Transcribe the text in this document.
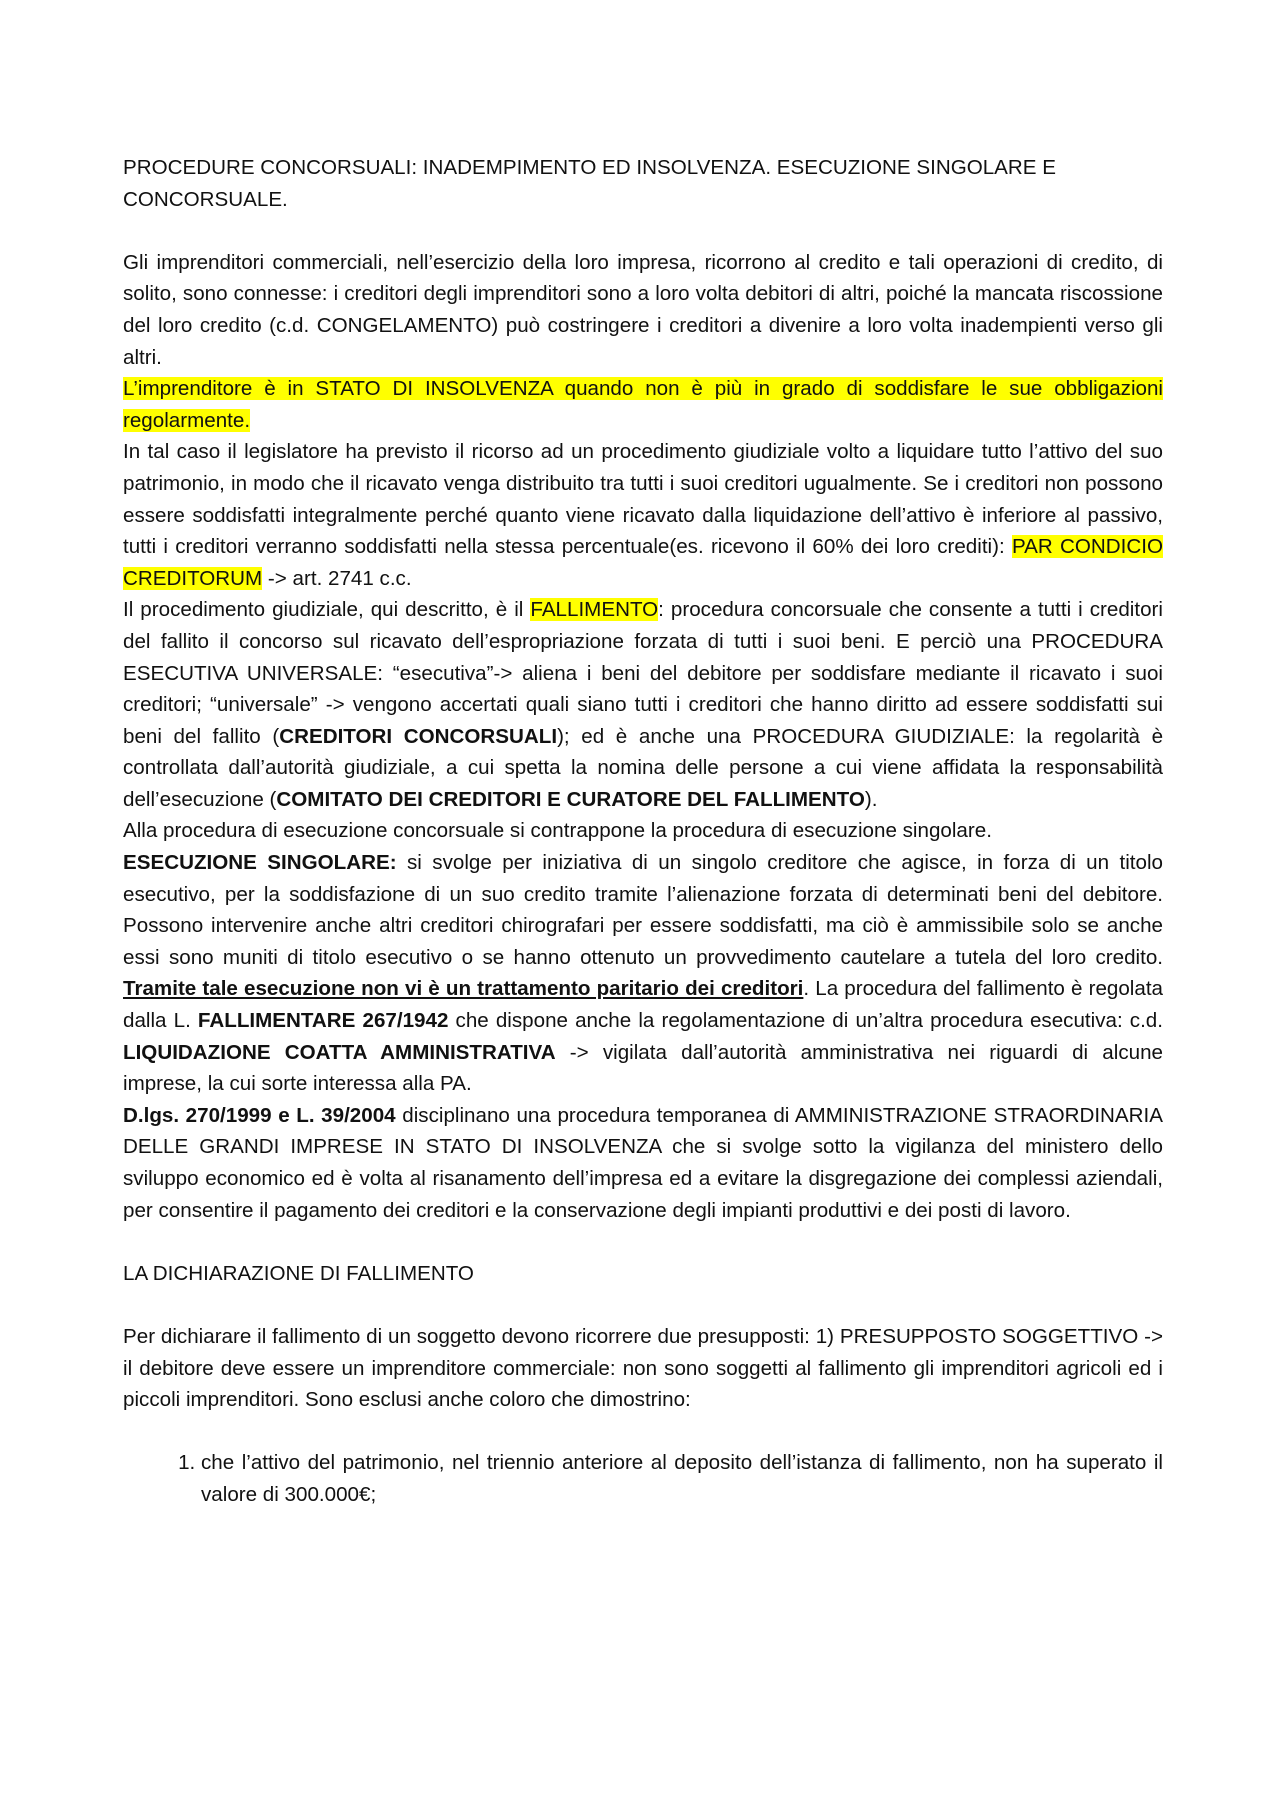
PROCEDURE CONCORSUALI: INADEMPIMENTO ED INSOLVENZA. ESECUZIONE SINGOLARE E CONCORSUALE.

Gli imprenditori commerciali, nell’esercizio della loro impresa, ricorrono al credito e tali operazioni di credito, di solito, sono connesse: i creditori degli imprenditori sono a loro volta debitori di altri, poiché la mancata riscossione del loro credito (c.d. CONGELAMENTO) può costringere i creditori a divenire a loro volta inadempienti verso gli altri.

L’imprenditore è in STATO DI INSOLVENZA quando non è più in grado di soddisfare le sue obbligazioni regolarmente.

In tal caso il legislatore ha previsto il ricorso ad un procedimento giudiziale volto a liquidare tutto l’attivo del suo patrimonio, in modo che il ricavato venga distribuito tra tutti i suoi creditori ugualmente. Se i creditori non possono essere soddisfatti integralmente perché quanto viene ricavato dalla liquidazione dell’attivo è inferiore al passivo, tutti i creditori verranno soddisfatti nella stessa percentuale(es. ricevono il 60% dei loro crediti): PAR CONDICIO CREDITORUM -> art. 2741 c.c.

Il procedimento giudiziale, qui descritto, è il FALLIMENTO: procedura concorsuale che consente a tutti i creditori del fallito il concorso sul ricavato dell’espropriazione forzata di tutti i suoi beni. E perciò una PROCEDURA ESECUTIVA UNIVERSALE: “esecutiva”-> aliena i beni del debitore per soddisfare mediante il ricavato i suoi creditori; “universale” -> vengono accertati quali siano tutti i creditori che hanno diritto ad essere soddisfatti sui beni del fallito (CREDITORI CONCORSUALI); ed è anche una PROCEDURA GIUDIZIALE: la regolarità è controllata dall’autorità giudiziale, a cui spetta la nomina delle persone a cui viene affidata la responsabilità dell’esecuzione (COMITATO DEI CREDITORI E CURATORE DEL FALLIMENTO).

Alla procedura di esecuzione concorsuale si contrappone la procedura di esecuzione singolare.

ESECUZIONE SINGOLARE: si svolge per iniziativa di un singolo creditore che agisce, in forza di un titolo esecutivo, per la soddisfazione di un suo credito tramite l’alienazione forzata di determinati beni del debitore. Possono intervenire anche altri creditori chirografari per essere soddisfatti, ma ciò è ammissibile solo se anche essi sono muniti di titolo esecutivo o se hanno ottenuto un provvedimento cautelare a tutela del loro credito. Tramite tale esecuzione non vi è un trattamento paritario dei creditori. La procedura del fallimento è regolata dalla L. FALLIMENTARE 267/1942 che dispone anche la regolamentazione di un’altra procedura esecutiva: c.d. LIQUIDAZIONE COATTA AMMINISTRATIVA -> vigilata dall’autorità amministrativa nei riguardi di alcune imprese, la cui sorte interessa alla PA.

D.lgs. 270/1999 e L. 39/2004 disciplinano una procedura temporanea di AMMINISTRAZIONE STRAORDINARIA DELLE GRANDI IMPRESE IN STATO DI INSOLVENZA che si svolge sotto la vigilanza del ministero dello sviluppo economico ed è volta al risanamento dell’impresa ed a evitare la disgregazione dei complessi aziendali, per consentire il pagamento dei creditori e la conservazione degli impianti produttivi e dei posti di lavoro.

LA DICHIARAZIONE DI FALLIMENTO

Per dichiarare il fallimento di un soggetto devono ricorrere due presupposti: 1) PRESUPPOSTO SOGGETTIVO -> il debitore deve essere un imprenditore commerciale: non sono soggetti al fallimento gli imprenditori agricoli ed i piccoli imprenditori. Sono esclusi anche coloro che dimostrino:

1. che l’attivo del patrimonio, nel triennio anteriore al deposito dell’istanza di fallimento, non ha superato il valore di 300.000€;
